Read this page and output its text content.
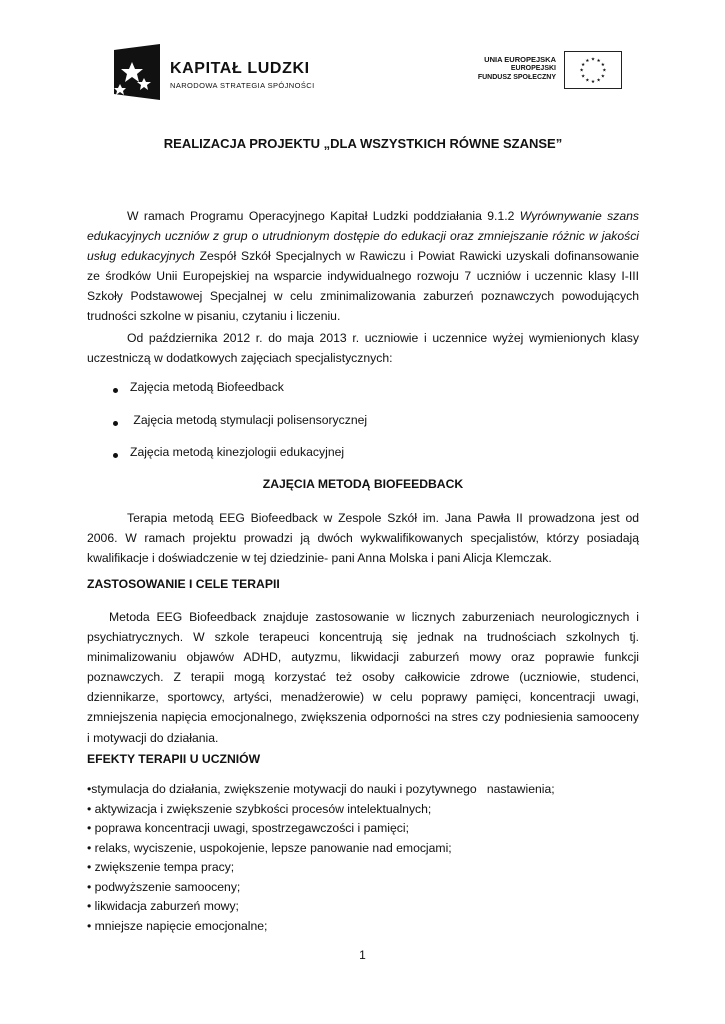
KAPITAŁ LUDZKI
NARODOWA STRATEGIA SPÓJNOŚCI
UNIA EUROPEJSKA
EUROPEJSKI
FUNDUSZ SPOŁECZNY
★
★
★
★
★
★
★
★
★ ★ ★
★
REALIZACJA PROJEKTU „DLA WSZYSTKICH RÓWNE SZANSE”
W ramach Programu Operacyjnego Kapitał Ludzki poddziałania 9.1.2 Wyrównywanie szans edukacyjnych uczniów z grup o utrudnionym dostępie do edukacji oraz zmniejszanie różnic w jakości usług edukacyjnych Zespół Szkół Specjalnych w Rawiczu i Powiat Rawicki uzyskali dofinansowanie ze środków Unii Europejskiej na wsparcie indywidualnego rozwoju 7 uczniów i uczennic klasy I-III Szkoły Podstawowej Specjalnej w celu zminimalizowania zaburzeń poznawczych powodujących trudności szkolne w pisaniu, czytaniu i liczeniu.
Od października 2012 r. do maja 2013 r. uczniowie i uczennice wyżej wymienionych klasy uczestniczą w dodatkowych zajęciach specjalistycznych:
Zajęcia metodą Biofeedback
Zajęcia metodą stymulacji polisensorycznej
Zajęcia metodą kinezjologii edukacyjnej
ZAJĘCIA METODĄ BIOFEEDBACK
Terapia metodą EEG Biofeedback w Zespole Szkół im. Jana Pawła II prowadzona jest od 2006. W ramach projektu prowadzi ją dwóch wykwalifikowanych specjalistów, którzy posiadają kwalifikacje i doświadczenie w tej dziedzinie- pani Anna Molska i pani Alicja Klemczak.
ZASTOSOWANIE I CELE TERAPII
Metoda EEG Biofeedback znajduje zastosowanie w licznych zaburzeniach neurologicznych i psychiatrycznych. W szkole terapeuci koncentrują się jednak na trudnościach szkolnych tj. minimalizowaniu objawów ADHD, autyzmu, likwidacji zaburzeń mowy oraz poprawie funkcji poznawczych. Z terapii mogą korzystać też osoby całkowicie zdrowe (uczniowie, studenci, dziennikarze, sportowcy, artyści, menadżerowie) w celu poprawy pamięci, koncentracji uwagi, zmniejszenia napięcia emocjonalnego, zwiększenia odporności na stres czy podniesienia samooceny i motywacji do działania.
EFEKTY TERAPII U UCZNIÓW
•stymulacja do działania, zwiększenie motywacji do nauki i pozytywnego   nastawienia;
• aktywizacja i zwiększenie szybkości procesów intelektualnych;
• poprawa koncentracji uwagi, spostrzegawczości i pamięci;
• relaks, wyciszenie, uspokojenie, lepsze panowanie nad emocjami;
• zwiększenie tempa pracy;
• podwyższenie samooceny;
• likwidacja zaburzeń mowy;
• mniejsze napięcie emocjonalne;
1
